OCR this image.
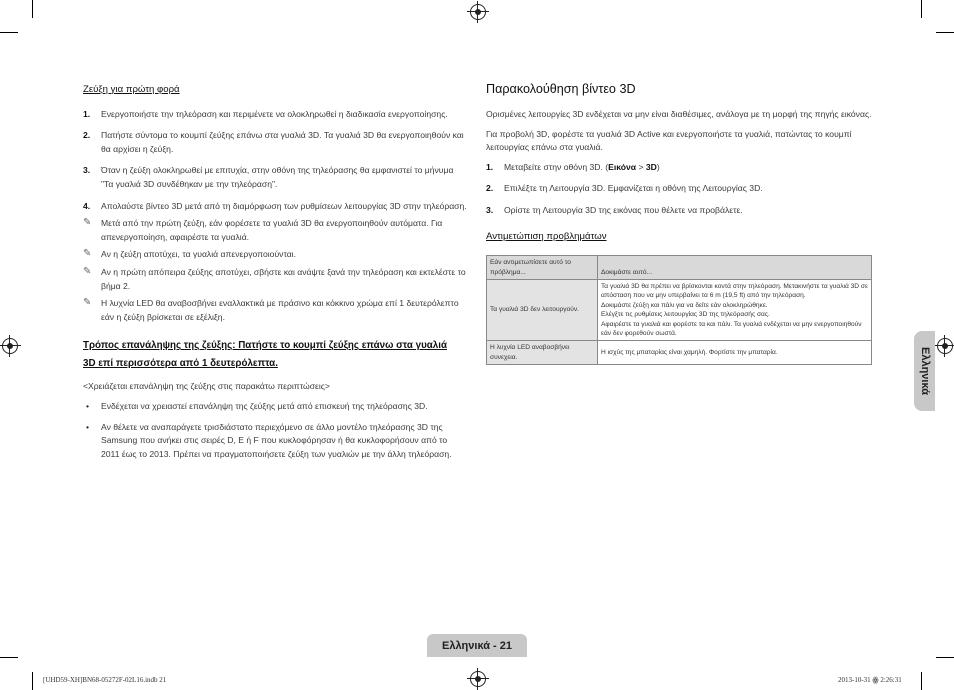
Ζεύξη για πρώτη φορά
1. Ενεργοποιήστε την τηλεόραση και περιμένετε να ολοκληρωθεί η διαδικασία ενεργοποίησης.
2. Πατήστε σύντομα το κουμπί ζεύξης επάνω στα γυαλιά 3D. Τα γυαλιά 3D θα ενεργοποιηθούν και θα αρχίσει η ζεύξη.
3. Όταν η ζεύξη ολοκληρωθεί με επιτυχία, στην οθόνη της τηλεόρασης θα εμφανιστεί το μήνυμα "Τα γυαλιά 3D συνδέθηκαν με την τηλεόραση".
4. Απολαύστε βίντεο 3D μετά από τη διαμόρφωση των ρυθμίσεων λειτουργίας 3D στην τηλεόραση.
✎ Μετά από την πρώτη ζεύξη, εάν φορέσετε τα γυαλιά 3D θα ενεργοποιηθούν αυτόματα. Για απενεργοποίηση, αφαιρέστε τα γυαλιά.
✎ Αν η ζεύξη αποτύχει, τα γυαλιά απενεργοποιούνται.
✎ Αν η πρώτη απόπειρα ζεύξης αποτύχει, σβήστε και ανάψτε ξανά την τηλεόραση και εκτελέστε το βήμα 2.
✎ Η λυχνία LED θα αναβοσβήνει εναλλακτικά με πράσινο και κόκκινο χρώμα επί 1 δευτερόλεπτο εάν η ζεύξη βρίσκεται σε εξέλιξη.
Τρόπος επανάληψης της ζεύξης: Πατήστε το κουμπί ζεύξης επάνω στα γυαλιά
3D επί περισσότερα από 1 δευτερόλεπτα.
<Χρειάζεται επανάληψη της ζεύξης στις παρακάτω περιπτώσεις>
• Ενδέχεται να χρειαστεί επανάληψη της ζεύξης μετά από επισκευή της τηλεόρασης 3D.
• Αν θέλετε να αναπαράγετε τρισδιάστατο περιεχόμενο σε άλλο μοντέλο τηλεόρασης 3D της Samsung που ανήκει στις σειρές D, E ή F που κυκλοφόρησαν ή θα κυκλοφορήσουν από το 2011 έως το 2013. Πρέπει να πραγματοποιήσετε ζεύξη των γυαλιών με την άλλη τηλεόραση.
Παρακολούθηση βίντεο 3D
Ορισμένες λειτουργίες 3D ενδέχεται να μην είναι διαθέσιμες, ανάλογα με τη μορφή της πηγής εικόνας.
Για προβολή 3D, φορέστε τα γυαλιά 3D Active και ενεργοποιήστε τα γυαλιά, πατώντας το κουμπί λειτουργίας επάνω στα γυαλιά.
1. Μεταβείτε στην οθόνη 3D. (Εικόνα > 3D)
2. Επιλέξτε τη Λειτουργία 3D. Εμφανίζεται η οθόνη της Λειτουργίας 3D.
3. Ορίστε τη Λειτουργία 3D της εικόνας που θέλετε να προβάλετε.
Αντιμετώπιση προβλημάτων
Εάν αντιμετωπίσετε αυτό το πρόβλημα...	Δοκιμάστε αυτό...
Τα γυαλιά 3D δεν λειτουργούν.	Τα γυαλιά 3D θα πρέπει να βρίσκονται κοντά στην τηλεόραση. Μετακινήστε τα γυαλιά 3D σε απόσταση που να μην υπερβαίνει τα 6 m (19,5 ft) από την τηλεόραση.
Δοκιμάστε ζεύξη και πάλι για να δείτε εάν ολοκληρώθηκε.
Ελέγξτε τις ρυθμίσεις λειτουργίας 3D της τηλεόρασής σας.
Αφαιρέστε τα γυαλιά και φορέστε τα και πάλι. Τα γυαλιά ενδέχεται να μην ενεργοποιηθούν εάν δεν φορεθούν σωστά.

Η λυχνία LED αναβοσβήνει συνεχεια.	Η ισχύς της μπαταρίας είναι χαμηλή. Φορτίστε την μπαταρία.	Ελληνικά
Ελληνικά - 21
[UHD59-XH]BN68-05272F-02L16.indb 21	2013-10-31 ꙮ 2:26:31
